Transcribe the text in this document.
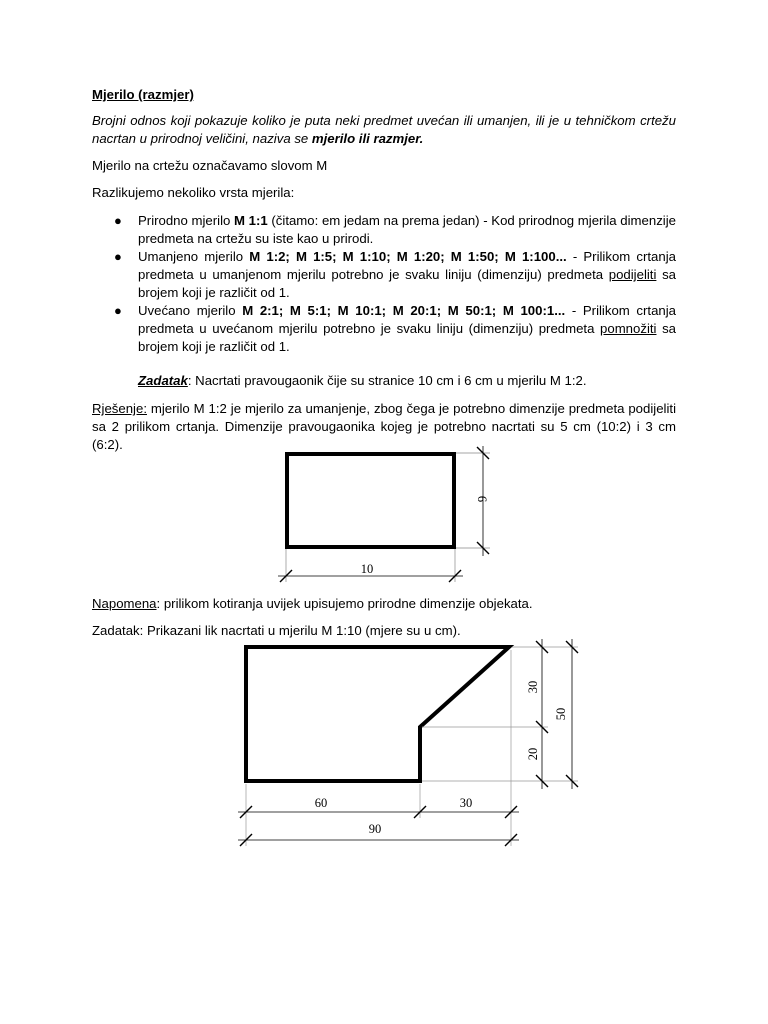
Mjerilo (razmjer)

Brojni odnos koji pokazuje koliko je puta neki predmet uvećan ili umanjen, ili je u tehničkom crtežu nacrtan u prirodnoj veličini, naziva se mjerilo ili razmjer.

Mjerilo na crtežu označavamo slovom M

Razlikujemo nekoliko vrsta mjerila:

● Prirodno mjerilo M 1:1 (čitamo: em jedam na prema jedan) - Kod prirodnog mjerila dimenzije predmeta na crtežu su iste kao u prirodi.
● Umanjeno mjerilo M 1:2; M 1:5; M 1:10; M 1:20; M 1:50; M 1:100... - Prilikom crtanja predmeta u umanjenom mjerilu potrebno je svaku liniju (dimenziju) predmeta podijeliti sa brojem koji je različit od 1.
● Uvećano mjerilo M 2:1; M 5:1; M 10:1; M 20:1; M 50:1; M 100:1... - Prilikom crtanja predmeta u uvećanom mjerilu potrebno je svaku liniju (dimenziju) predmeta pomnožiti sa brojem koji je različit od 1.

Zadatak: Nacrtati pravougaonik čije su stranice 10 cm i 6 cm u mjerilu M 1:2.

Rješenje: mjerilo M 1:2 je mjerilo za umanjenje, zbog čega je potrebno dimenzije predmeta podijeliti sa 2 prilikom crtanja. Dimenzije pravougaonika kojeg je potrebno nacrtati su 5 cm (10:2) i 3 cm (6:2).

10
6

Napomena: prilikom kotiranja uvijek upisujemo prirodne dimenzije objekata.

Zadatak: Prikazani lik nacrtati u mjerilu M 1:10 (mjere su u cm).

60	30
90
30
20
50
